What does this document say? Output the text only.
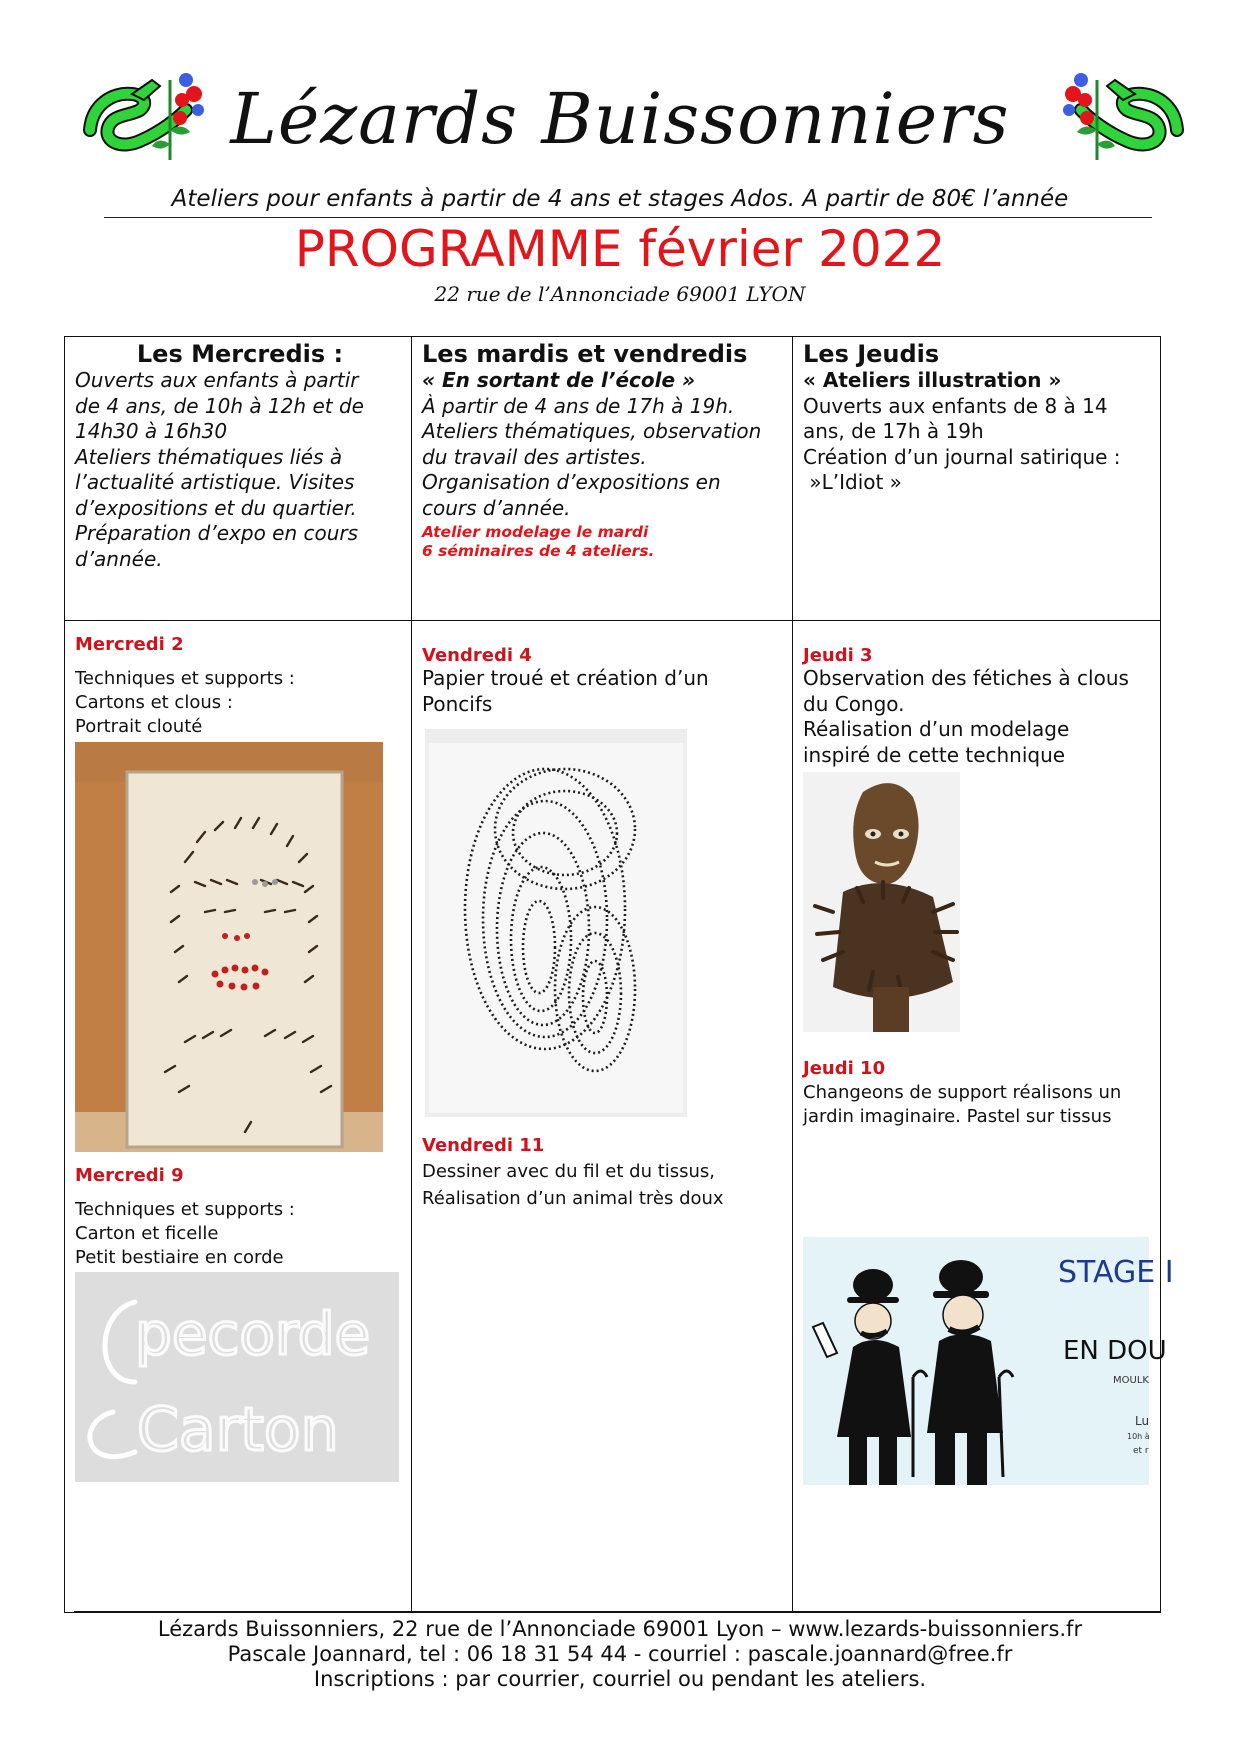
Lézards Buissonniers
Ateliers pour enfants à partir de 4 ans et stages Ados. A partir de 80€ l’année
PROGRAMME février 2022
22 rue de l’Annonciade 69001 LYON
Les Mercredis :
Ouverts aux enfants à partir
de 4 ans, de 10h à 12h et de
14h30 à 16h30
Ateliers thématiques liés à
l’actualité artistique. Visites
d’expositions et du quartier.
Préparation d’expo en cours
d’année.
Les mardis et vendredis
« En sortant de l’école »
À partir de 4 ans de 17h à 19h.
Ateliers thématiques, observation
du travail des artistes.
Organisation d’expositions en
cours d’année.
Atelier modelage le mardi
6 séminaires de 4 ateliers.
Les Jeudis
« Ateliers illustration »
Ouverts aux enfants de 8 à 14
ans, de 17h à 19h
Création d’un journal satirique :
»L’Idiot »
Mercredi 2
Techniques et supports :
Cartons et clous :
Portrait clouté
Mercredi 9
Techniques et supports :
Carton et ficelle
Petit bestiaire en corde
pecorde
Carton
Vendredi 4
Papier troué et création d’un
Poncifs
Vendredi 11
Dessiner avec du fil et du tissus,
Réalisation d’un animal très doux
Jeudi 3
Observation des fétiches à clous
du Congo.
Réalisation d’un modelage
inspiré de cette technique
Jeudi 10
Changeons de support réalisons un
jardin imaginaire. Pastel sur tissus
STAGE I
EN DOU
MOULK
Lu
10h à
et r
Lézards Buissonniers, 22 rue de l’Annonciade 69001 Lyon – www.lezards-buissonniers.fr
Pascale Joannard, tel : 06 18 31 54 44 - courriel : pascale.joannard@free.fr
Inscriptions : par courrier, courriel ou pendant les ateliers.
